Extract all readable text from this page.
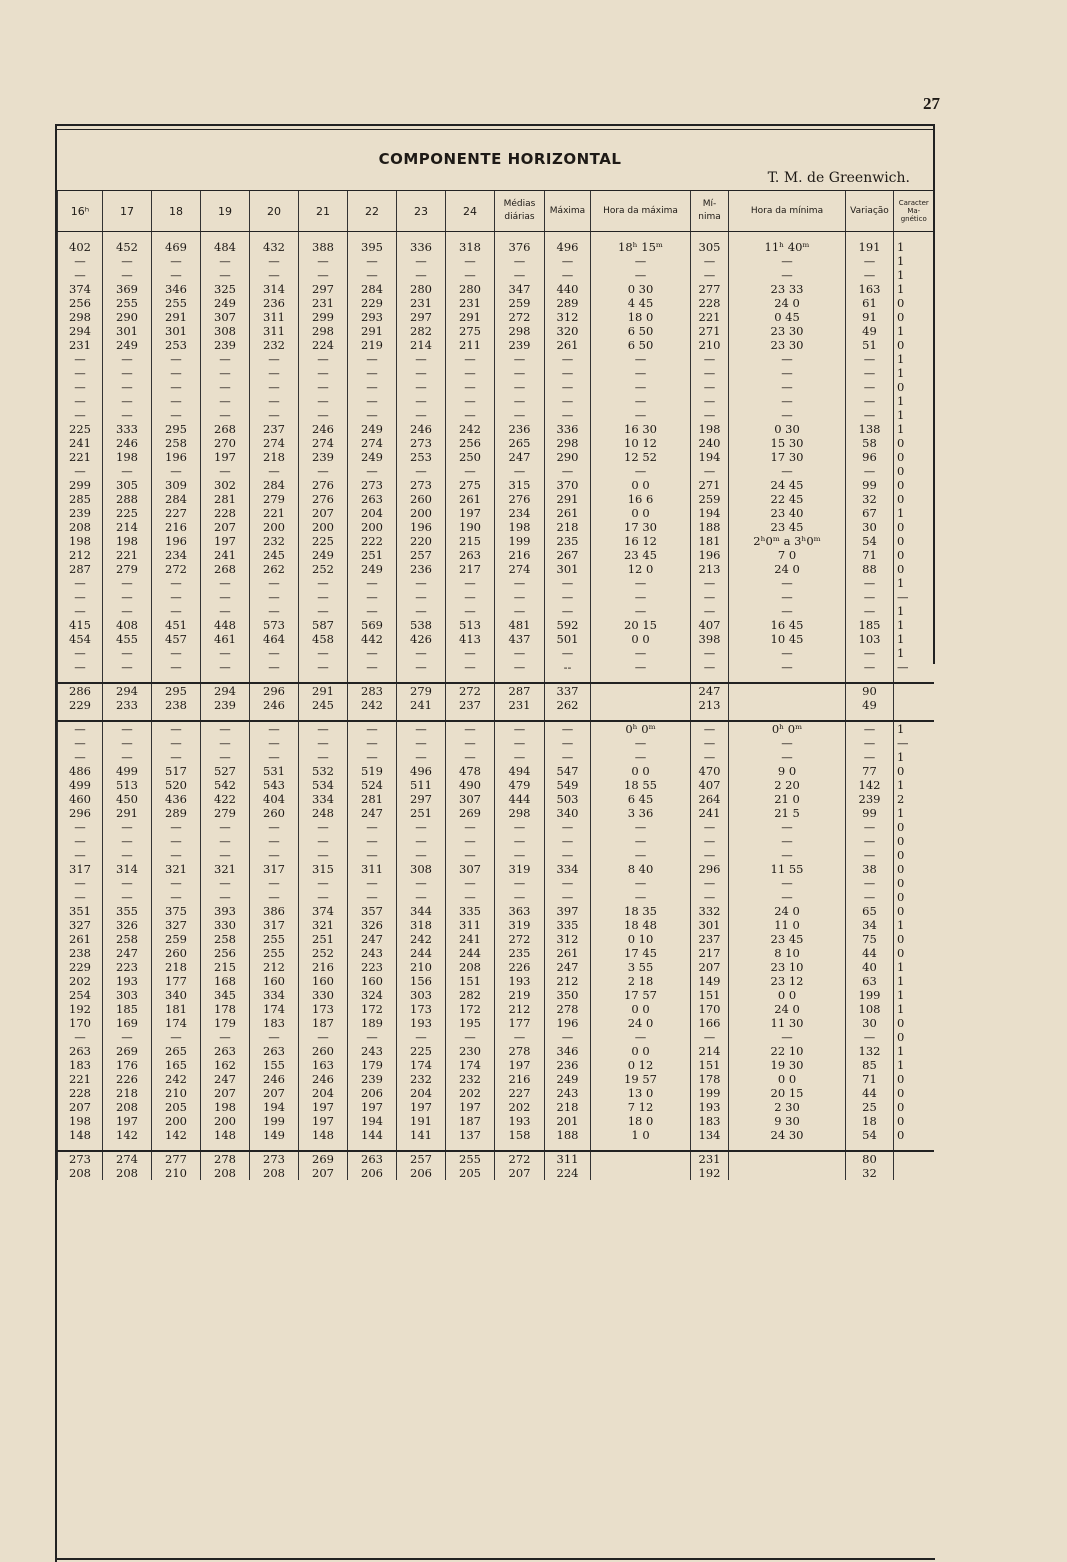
27
COMPONENTE HORIZONTAL
T. M. de Greenwich.
16ʰ	17	18	19	20	21	22	23	24	Médias diárias	Máxima	Hora da máxima	Mí- nima	Hora da mínima	Variação	Caracter Ma- gnético

402	452	469	484	432	388	395	336	318	376	496	18ʰ 15ᵐ	305	11ʰ 40ᵐ	191	1
—	—	—	—	—	—	—	—	—	—	—	—	—	—	—	1
—	—	—	—	—	—	—	—	—	—	—	—	—	—	—	1
374	369	346	325	314	297	284	280	280	347	440	0 30	277	23 33	163	1
256	255	255	249	236	231	229	231	231	259	289	4 45	228	24 0	61	0
298	290	291	307	311	299	293	297	291	272	312	18 0	221	0 45	91	0
294	301	301	308	311	298	291	282	275	298	320	6 50	271	23 30	49	1
231	249	253	239	232	224	219	214	211	239	261	6 50	210	23 30	51	0
—	—	—	—	—	—	—	—	—	—	—	—	—	—	—	1
—	—	—	—	—	—	—	—	—	—	—	—	—	—	—	1
—	—	—	—	—	—	—	—	—	—	—	—	—	—	—	0
—	—	—	—	—	—	—	—	—	—	—	—	—	—	—	1
—	—	—	—	—	—	—	—	—	—	—	—	—	—	—	1
225	333	295	268	237	246	249	246	242	236	336	16 30	198	0 30	138	1
241	246	258	270	274	274	274	273	256	265	298	10 12	240	15 30	58	0
221	198	196	197	218	239	249	253	250	247	290	12 52	194	17 30	96	0
—	—	—	—	—	—	—	—	—	—	—	—	—	—	—	0
299	305	309	302	284	276	273	273	275	315	370	0 0	271	24 45	99	0
285	288	284	281	279	276	263	260	261	276	291	16 6	259	22 45	32	0
239	225	227	228	221	207	204	200	197	234	261	0 0	194	23 40	67	1
208	214	216	207	200	200	200	196	190	198	218	17 30	188	23 45	30	0
198	198	196	197	232	225	222	220	215	199	235	16 12	181	2ʰ0ᵐ a 3ʰ0ᵐ	54	0
212	221	234	241	245	249	251	257	263	216	267	23 45	196	7 0	71	0
287	279	272	268	262	252	249	236	217	274	301	12 0	213	24 0	88	0
—	—	—	—	—	—	—	—	—	—	—	—	—	—	—	1
—	—	—	—	—	—	—	—	—	—	—	—	—	—	—	—
—	—	—	—	—	—	—	—	—	—	—	—	—	—	—	1
415	408	451	448	573	587	569	538	513	481	592	20 15	407	16 45	185	1
454	455	457	461	464	458	442	426	413	437	501	0 0	398	10 45	103	1
—	—	—	—	—	—	—	—	—	—	—	—	—	—	—	1
—	—	—	—	—	—	—	—	—	—	--	—	—	—	—	—

286	294	295	294	296	291	283	279	272	287	337		247		90	
229	233	238	239	246	245	242	241	237	231	262		213		49	

—	—	—	—	—	—	—	—	—	—	—	0ʰ 0ᵐ	—	0ʰ 0ᵐ	—	1
—	—	—	—	—	—	—	—	—	—	—	—	—	—	—	—
—	—	—	—	—	—	—	—	—	—	—	—	—	—	—	1
486	499	517	527	531	532	519	496	478	494	547	0 0	470	9 0	77	0
499	513	520	542	543	534	524	511	490	479	549	18 55	407	2 20	142	1
460	450	436	422	404	334	281	297	307	444	503	6 45	264	21 0	239	2
296	291	289	279	260	248	247	251	269	298	340	3 36	241	21 5	99	1
—	—	—	—	—	—	—	—	—	—	—	—	—	—	—	0
—	—	—	—	—	—	—	—	—	—	—	—	—	—	—	0
—	—	—	—	—	—	—	—	—	—	—	—	—	—	—	0
317	314	321	321	317	315	311	308	307	319	334	8 40	296	11 55	38	0
—	—	—	—	—	—	—	—	—	—	—	—	—	—	—	0
—	—	—	—	—	—	—	—	—	—	—	—	—	—	—	0
351	355	375	393	386	374	357	344	335	363	397	18 35	332	24 0	65	0
327	326	327	330	317	321	326	318	311	319	335	18 48	301	11 0	34	1
261	258	259	258	255	251	247	242	241	272	312	0 10	237	23 45	75	0
238	247	260	256	255	252	243	244	244	235	261	17 45	217	8 10	44	0
229	223	218	215	212	216	223	210	208	226	247	3 55	207	23 10	40	1
202	193	177	168	160	160	160	156	151	193	212	2 18	149	23 12	63	1
254	303	340	345	334	330	324	303	282	219	350	17 57	151	0 0	199	1
192	185	181	178	174	173	172	173	172	212	278	0 0	170	24 0	108	1
170	169	174	179	183	187	189	193	195	177	196	24 0	166	11 30	30	0
—	—	—	—	—	—	—	—	—	—	—	—	—	—	—	0
263	269	265	263	263	260	243	225	230	278	346	0 0	214	22 10	132	1
183	176	165	162	155	163	179	174	174	197	236	0 12	151	19 30	85	1
221	226	242	247	246	246	239	232	232	216	249	19 57	178	0 0	71	0
228	218	210	207	207	204	206	204	202	227	243	13 0	199	20 15	44	0
207	208	205	198	194	197	197	197	197	202	218	7 12	193	2 30	25	0
198	197	200	200	199	197	194	191	187	193	201	18 0	183	9 30	18	0
148	142	142	148	149	148	144	141	137	158	188	1 0	134	24 30	54	0

273	274	277	278	273	269	263	257	255	272	311		231		80	
208	208	210	208	208	207	206	206	205	207	224		192		32	
